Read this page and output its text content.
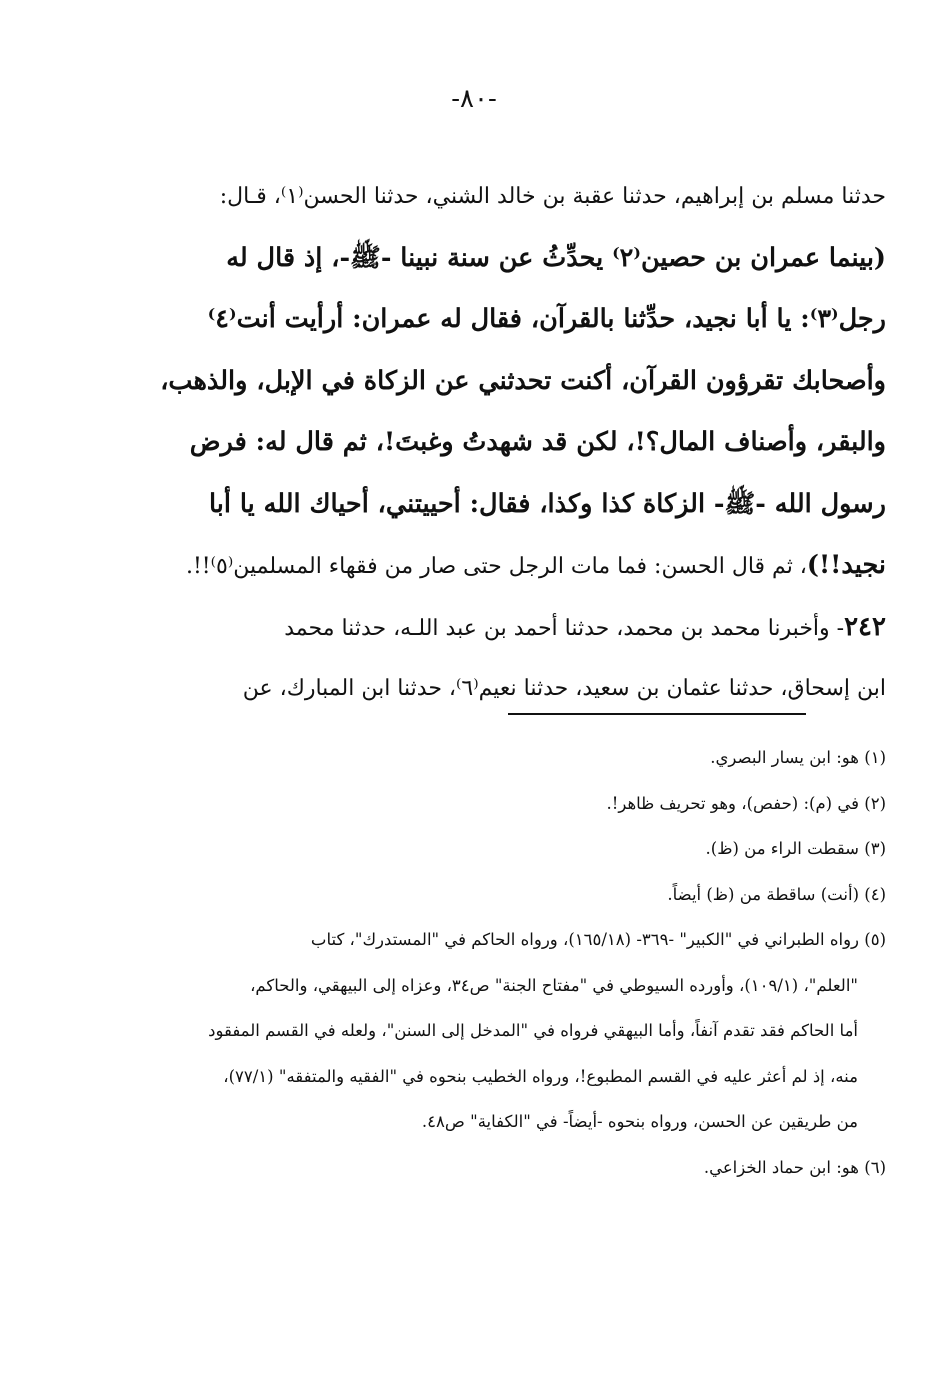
-٨٠-
حدثنا مسلم بن إبراهيم، حدثنا عقبة بن خالد الشني، حدثنا الحسن⁽١⁾، قـال:
(بينما عمران بن حصين⁽٢⁾ يحدِّثُ عن سنة نبينا -ﷺ-، إذ قال له
رجل⁽٣⁾: يا أبا نجيد، حدِّثنا بالقرآن، فقال له عمران: أرأيت أنت⁽٤⁾
وأصحابك تقرؤون القرآن، أكنت تحدثني عن الزكاة في الإبل، والذهب،
والبقر، وأصناف المال؟!، لكن قد شهدتُ وغبتَ!، ثم قال له: فرض
رسول الله -ﷺ- الزكاة كذا وكذا، فقال: أحييتني، أحياك الله يا أبا
نجيد!!)، ثم قال الحسن: فما مات الرجل حتى صار من فقهاء المسلمين⁽٥⁾!!.
٢٤٢- وأخبرنا محمد بن محمد، حدثنا أحمد بن عبد اللـه، حدثنا محمد
ابن إسحاق، حدثنا عثمان بن سعيد، حدثنا نعيم⁽٦⁾، حدثنا ابن المبارك، عن
(١) هو: ابن يسار البصري.
(٢) في (م): (حفص)، وهو تحريف ظاهر!.
(٣) سقطت الراء من (ظ).
(٤) (أنت) ساقطة من (ظ) أيضاً.
(٥) رواه الطبراني في "الكبير" -٣٦٩- (١٦٥/١٨)، ورواه الحاكم في "المستدرك"، كتاب
"العلم"، (١٠٩/١)، وأورده السيوطي في "مفتاح الجنة" ص٣٤، وعزاه إلى البيهقي، والحاكم،
أما الحاكم فقد تقدم آنفاً، وأما البيهقي فرواه في "المدخل إلى السنن"، ولعله في القسم المفقود
منه، إذ لم أعثر عليه في القسم المطبوع!، ورواه الخطيب بنحوه في "الفقيه والمتفقه" (٧٧/١)،
من طريقين عن الحسن، ورواه بنحوه -أيضاً- في "الكفاية" ص٤٨.
(٦) هو: ابن حماد الخزاعي.
